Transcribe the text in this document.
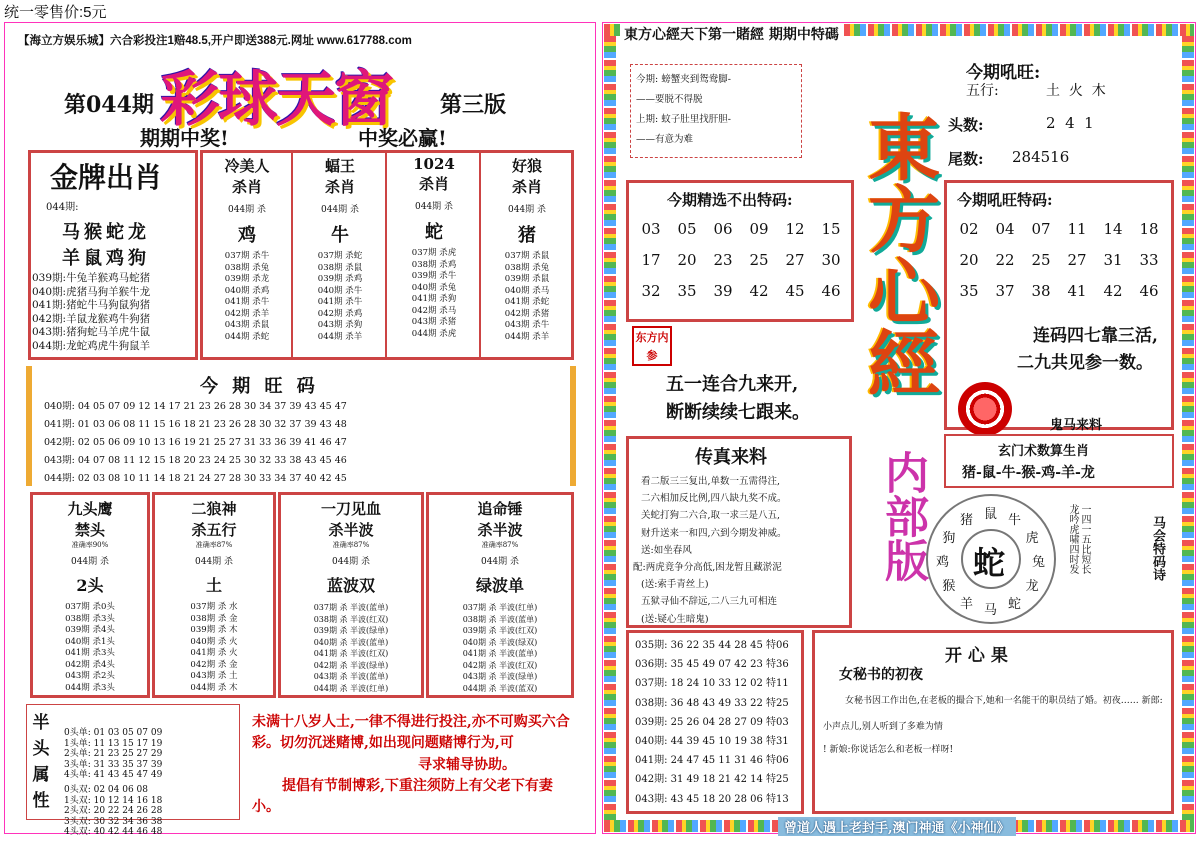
统一零售价:5元
【海立方娱乐城】六合彩投注1赔48.5,开户即送388元.网址 www.617788.com
第044期 彩球天窗 第三版
期期中奖!	中奖必赢!
金牌出肖
044期:
马猴蛇龙
羊鼠鸡狗
039期:牛兔羊猴鸡马蛇猪
040期:虎猪马狗羊猴牛龙
041期:猪蛇牛马狗鼠狗猪
042期:羊鼠龙猴鸡牛狗猪
043期:猪狗蛇马羊虎牛鼠
044期:龙蛇鸡虎牛狗鼠羊
冷美人
杀肖
044期 杀
鸡
037期 杀牛
038期 杀兔
039期 杀龙
040期 杀鸡
041期 杀牛
042期 杀羊
043期 杀鼠
044期 杀蛇
蝠王
杀肖
044期 杀
牛
037期 杀蛇
038期 杀鼠
039期 杀鸡
040期 杀牛
041期 杀牛
042期 杀鸡
043期 杀狗
044期 杀羊
1024
杀肖
044期 杀
蛇
037期 杀虎
038期 杀鸡
039期 杀牛
040期 杀兔
041期 杀狗
042期 杀马
043期 杀猪
044期 杀虎
好狼
杀肖
044期 杀
猪
037期 杀鼠
038期 杀兔
039期 杀鼠
040期 杀马
041期 杀蛇
042期 杀猪
043期 杀牛
044期 杀羊
今 期 旺 码
040期: 04 05 07 09 12 14 17 21 23 26 28 30 34 37 39 43 45 47
041期: 01 03 06 08 11 15 16 18 21 23 26 28 30 32 37 39 43 48
042期: 02 05 06 09 10 13 16 19 21 25 27 31 33 36 39 41 46 47
043期: 04 07 08 11 12 15 18 20 23 24 25 30 32 33 38 43 45 46
044期: 02 03 08 10 11 14 18 21 24 27 28 30 33 34 37 40 42 45
九头鹰
禁头
准确率90%
044期 杀
2头
037期 杀0头
038期 杀3头
039期 杀4头
040期 杀1头
041期 杀3头
042期 杀4头
043期 杀2头
044期 杀3头
二狼神
杀五行
准确率87%
044期 杀
土
037期 杀 水
038期 杀 金
039期 杀 木
040期 杀 火
041期 杀 火
042期 杀 金
043期 杀 土
044期 杀 木
一刀见血
杀半波
准确率87%
044期 杀
蓝波双
037期 杀 半波(蓝单)
038期 杀 半波(红双)
039期 杀 半波(绿单)
040期 杀 半波(蓝单)
041期 杀 半波(红双)
042期 杀 半波(绿单)
043期 杀 半波(蓝单)
044期 杀 半波(红单)
追命锤
杀半波
准确率87%
044期 杀
绿波单
037期 杀 半波(红单)
038期 杀 半波(蓝单)
039期 杀 半波(红双)
040期 杀 半波(绿双)
041期 杀 半波(蓝单)
042期 杀 半波(红双)
043期 杀 半波(绿单)
044期 杀 半波(蓝双)
半
头
属
性

0头单: 01 03 05 07 09
1头单: 11 13 15 17 19
2头单: 21 23 25 27 29
3头单: 31 33 35 37 39
4头单: 41 43 45 47 49

0头双: 02 04 06 08
1头双: 10 12 14 16 18
2头双: 20 22 24 26 28
3头双: 30 32 34 36 38
4头双: 40 42 44 46 48

未满十八岁人士,一律不得进行投注,亦不可购买六合彩。切勿沉迷赌博,如出现问题赌博行为,可
寻求辅导协助。
提倡有节制博彩,下重注须防上有父老下有妻小。
東方心經天下第一賭經 期期中特碼
今期: 螃蟹夹到鸳鸯脚-
——要脱不得脱
上期: 蚊子肚里找肝胆-
——有意为难	東方心經
内部版
今期吼旺:
五行:	土  火  木
头数:	2  4  1
尾数: 284516
今期精选不出特码:
03 05 06 09 12 15
17 20 23 25 27 30
32 35 39 42 45 46
今期吼旺特码:
02 04 07 11 14 18
20 22 25 27 31 33
35 37 38 41 42 46
连码四七靠三活,
二九共见参一数。
鬼马来料
玄门术数算生肖
猪-鼠-牛-猴-鸡-羊-龙
东方内参
五一连合九来开,
断断续续七跟来。
传真来料
看二版三三复出,单数一五需得注,
二六相加反比例,四八缺九奖不成。
关蛇打狗二六合,取一求三是八五,
财升送来一和四,六到今期发神威。
送:如坐春风
配:两虎竟争分高低,困龙暂且藏淤泥
(送:索手青丝上)
五狱寻仙不辞远,二八三九可相连
(送:疑心生暗鬼)
蛇
鼠 牛
虎
兔
龙
蛇
马
羊
猴
鸡
狗
猪	一四一五比短长
龙吟虎啸四时发	马会特码诗
035期: 36 22 35 44 28 45 特06
036期: 35 45 49 07 42 23 特36
037期: 18 24 10 33 12 02 特11
038期: 36 48 43 49 33 22 特25
039期: 25 26 04 28 27 09 特03
040期: 44 39 45 10 19 38 特31
041期: 24 47 45 11 31 46 特06
042期: 31 49 18 21 42 14 特25
043期: 43 45 18 20 28 06 特13
开 心 果
女秘书的初夜
女秘书因工作出色,在老板的撮合下,她和一名能干的职员结了婚。初夜…… 新郎:小声点儿,别人听到了多难为情
! 新娘:你说话怎么和老板一样呀!
曾道人遇上老封手,澳门神通《小神仙》
